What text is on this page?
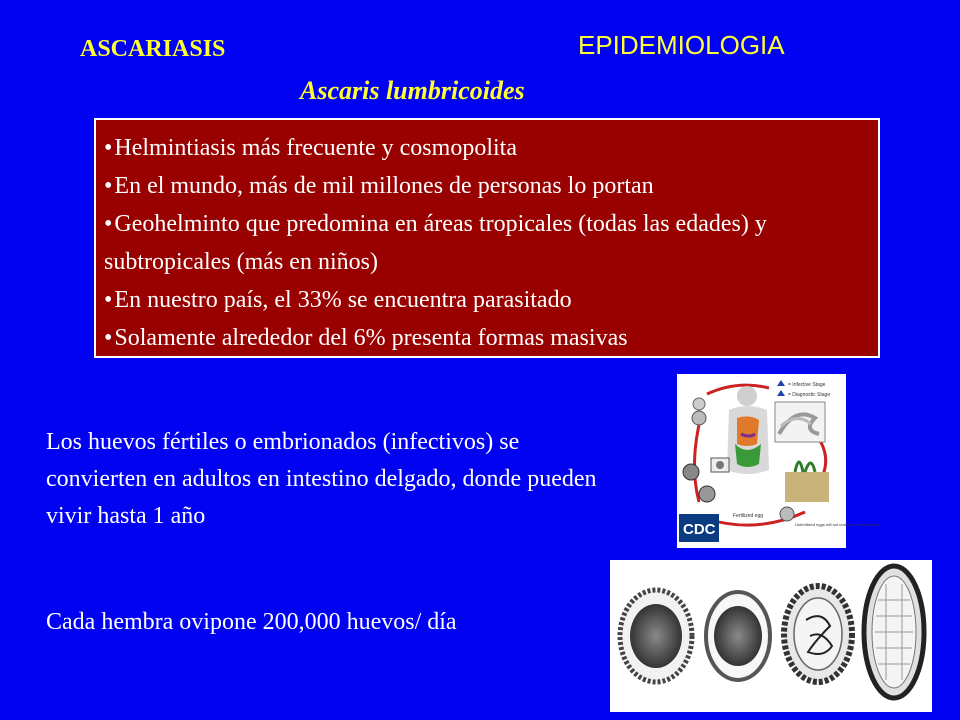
ASCARIASIS	EPIDEMIOLOGIA
Ascaris lumbricoides
•Helmintiasis más frecuente y cosmopolita
•En el mundo, más de mil millones de personas lo portan
•Geohelminto que predomina en áreas tropicales (todas las edades) y subtropicales (más en niños)
•En nuestro país, el 33% se encuentra parasitado
•Solamente alrededor del 6% presenta formas masivas
Los huevos fértiles o embrionados (infectivos) se convierten en adultos en intestino delgado, donde pueden vivir hasta 1 año
Cada hembra ovipone 200,000 huevos/ día
= Infective Stage
= Diagnostic Stage
Fertilized egg
Unfertilized eggs will not undergo embryonation
CDC
